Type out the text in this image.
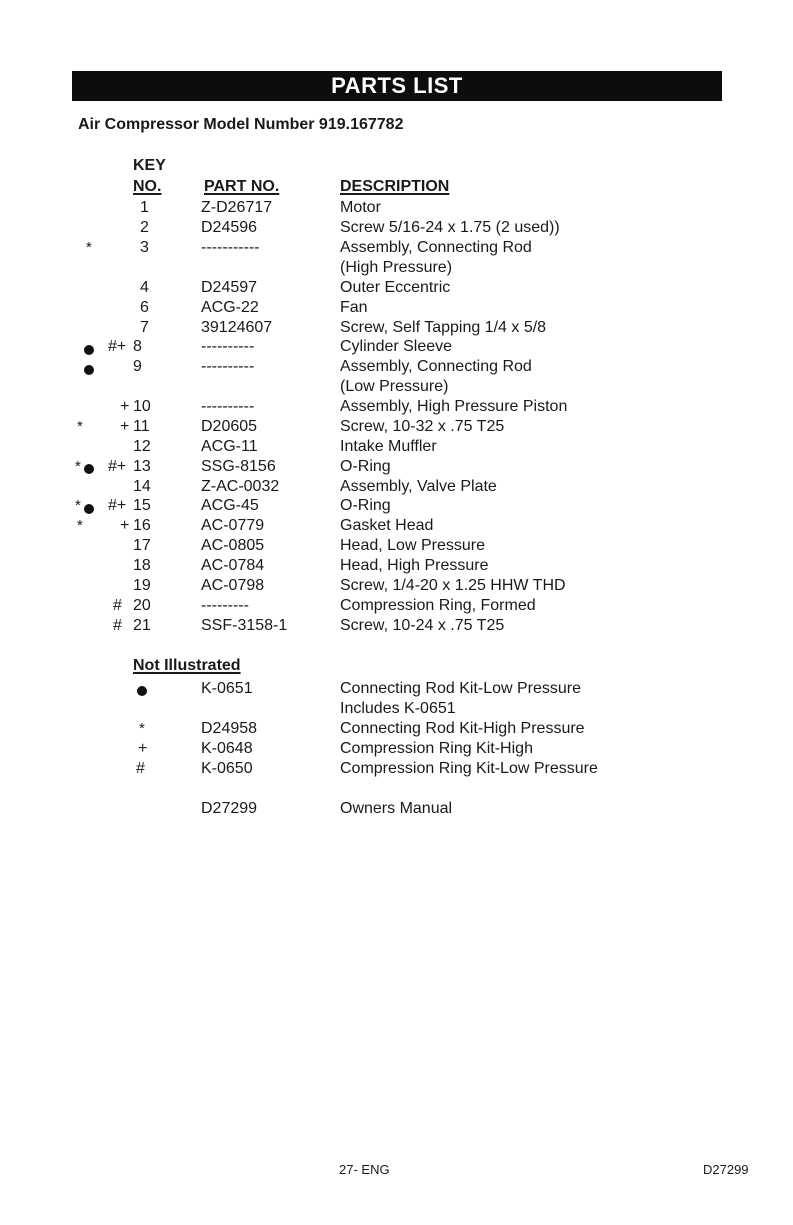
PARTS LIST
Air Compressor Model Number 919.167782
KEY
NO.	PART NO.	DESCRIPTION
1	Z-D26717	Motor
2	D24596	Screw 5/16-24 x 1.75 (2 used))
*	3	-----------	Assembly, Connecting Rod
(High Pressure)
4	D24597	Outer Eccentric
6	ACG-22	Fan
7	39124607	Screw, Self Tapping 1/4 x 5/8
#+ 8	----------	Cylinder Sleeve
9	----------	Assembly, Connecting Rod
(Low Pressure)
+ 10	----------	Assembly, High Pressure Piston
* + 11	D20605	Screw, 10-32 x .75 T25
12	ACG-11	Intake Muffler
* #+ 13	SSG-8156	O-Ring
14	Z-AC-0032	Assembly, Valve Plate
* #+ 15	ACG-45	O-Ring
* + 16	AC-0779	Gasket Head
17	AC-0805	Head, Low Pressure
18	AC-0784	Head, High Pressure
19	AC-0798	Screw, 1/4-20 x 1.25 HHW THD
# 20	---------	Compression Ring, Formed
# 21	SSF-3158-1	Screw, 10-24 x .75 T25
Not Illustrated
K-0651	Connecting Rod Kit-Low Pressure
Includes K-0651
*	D24958	Connecting Rod Kit-High Pressure
+	K-0648	Compression Ring Kit-High
#	K-0650	Compression Ring Kit-Low Pressure
D27299	Owners Manual
27- ENG	D27299
